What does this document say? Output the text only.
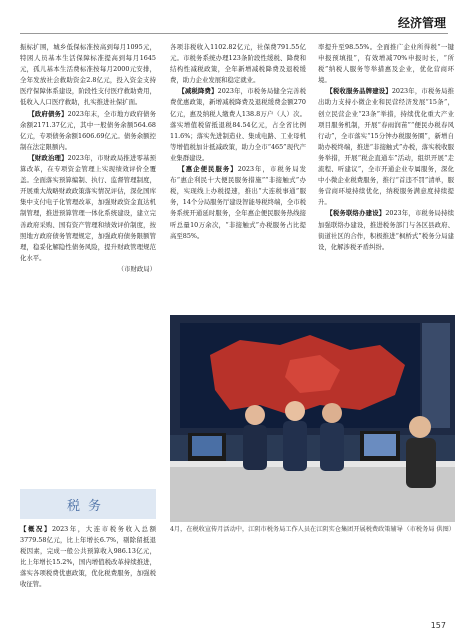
经济管理

振标扩围，城乡低保标准按高到每月1095元，特困人员基本生活保障标准提高到每月1645元，孤儿基本生活费标准按每月2000元安排，全年发放社会救助资金2.8亿元，投入资金支持医疗保障体系建设，阶段性支付医疗救助费用，低收入人口医疗救助，扎实推进社保扩面。

【政府债务】2023年末，全市地方政府债务余额2171.37亿元，其中一般债务余额564.68亿元，专项债务余额1606.69亿元。债务余额控制在法定限额内。

【财政治理】2023年，市财政局推进零基预算改革，在专项资金管理上实现绩效评价全覆盖。全面落实预算编制、执行、监督管理制度，开展重大战略财政政策落实情况评估，深化国库集中支付电子化管理改革，加强财政资金直达机制管理，推进预算管理一体化系统建设，建立完善政府采购、国有资产管理和绩效评价制度，按照地方政府债务管理规定，加强政府债务限额管理，稳妥化解隐性债务风险，提升财政管理规范化水平。

（市财政局）

税务

【概况】2023年，大连市税务收入总额3779.58亿元，比上年增长6.7%，剔除留抵退税因素，完成一般公共预算收入986.13亿元，比上年增长15.2%，国内增值税改革持续推进，落实各项税费优惠政策，优化税费服务，加强税收征管。

各项非税收入1102.82亿元，社保费791.55亿元。市税务系统办理123条阶段性缓税、降费和结构性减税政策，全年新增减税降费及退税缓费，助力企业发展和稳定就业。

【减税降费】2023年，市税务局健全完善税费优惠政策，新增减税降费及退税缓费金额270亿元，惠及纳税人缴费人138.8万户（人）次。落实增值税留抵退税84.54亿元，占全省比例11.6%；落实先进制造业、集成电路、工业母机等增值税加计抵减政策，助力全市“465”现代产业集群建设。

【惠企便民服务】2023年，市税务局发布“惠企利民十大便民服务措施”“非接触式”办税，实现线上办税提速，推出“大连税事通”服务，14个分局服务厅建设智能导税终端，全市税务系统开通延时服务，全年惠企便民服务热线接听总量10万余次，“非接触式”办税服务占比提高至85%。

率提升至98.55%。全面推广企业所得税“一键申报预填报”，有效增减70%申报时长，“所税”纳税人服务等举措惠及企业，优化营商环境。

【税收服务品牌建设】2023年，市税务局推出助力支持小微企业和民营经济发展“15条”，创立民营企业“23条”举措，持续优化重大产业项目服务机制，开展“春雨润苗”“便民办税春风行动”，全市落实“15分钟办税服务圈”，新增自助办税终端，推进“非接触式”办税，落实税收服务举措，开展“税企直通车”活动，组织开展“走流程、听建议”，全市开通企业专属服务，深化中小微企业税费服务，推行“首违不罚”清单，服务营商环境持续优化，纳税服务满意度持续提升。

【税务联络办建设】2023年，市税务局持续加强联络办建设，推进税务部门与各区县政府、街道社区的合作，积极推进“枫桥式”税务分局建设，化解涉税矛盾纠纷。

4月，在税收宣传月活动中，江阴市税务局工作人员在江阴实仓集团开展税费政策辅导 （市税务局 供图）
157
